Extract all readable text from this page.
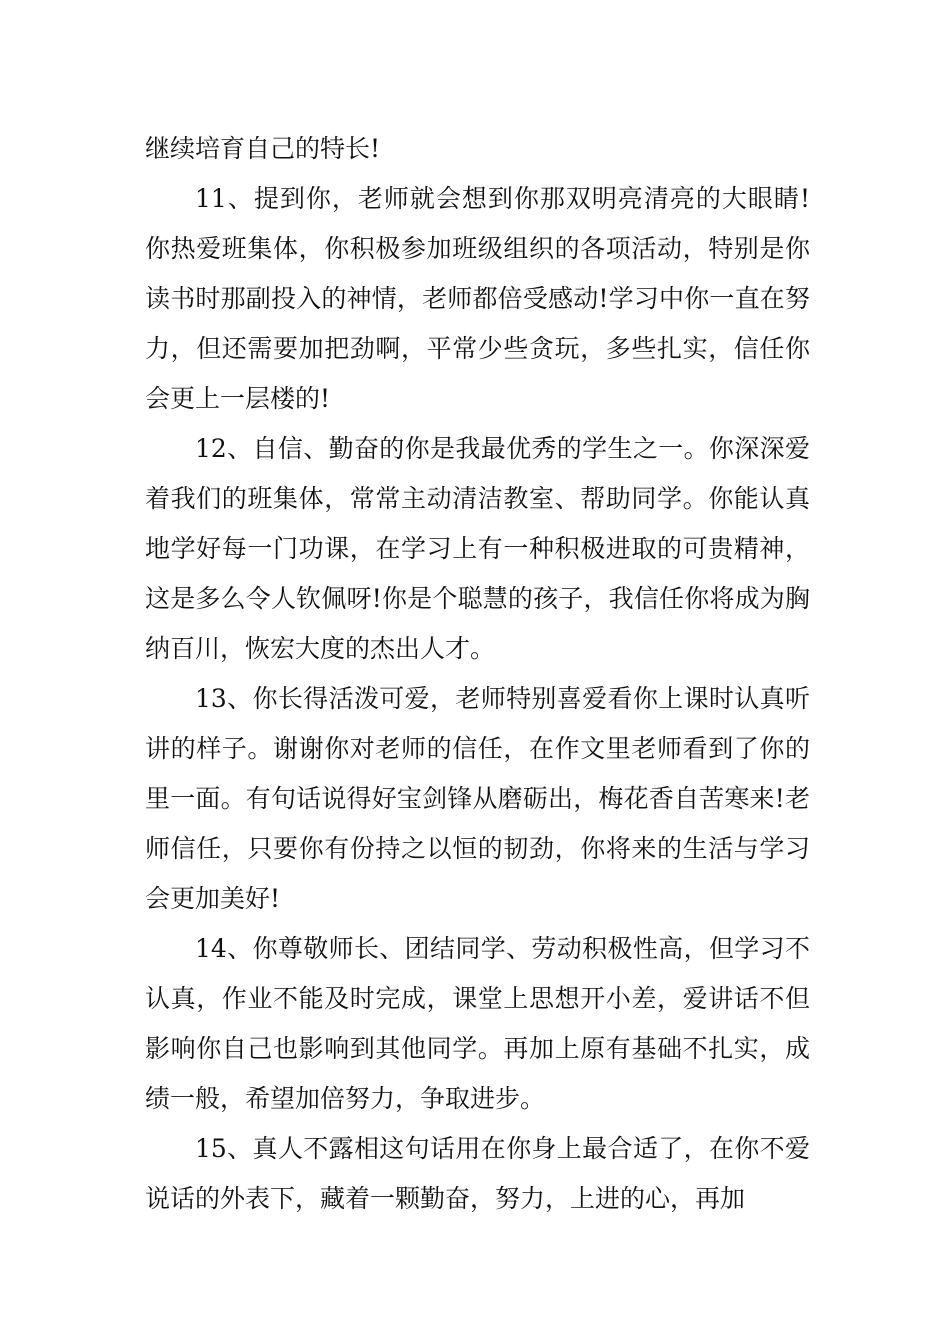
继续培育自己的特长!

11、提到你，老师就会想到你那双明亮清亮的大眼睛!你热爱班集体，你积极参加班级组织的各项活动，特别是你读书时那副投入的神情，老师都倍受感动!学习中你一直在努力，但还需要加把劲啊，平常少些贪玩，多些扎实，信任你会更上一层楼的!

12、自信、勤奋的你是我最优秀的学生之一。你深深爱着我们的班集体，常常主动清洁教室、帮助同学。你能认真地学好每一门功课，在学习上有一种积极进取的可贵精神，这是多么令人钦佩呀!你是个聪慧的孩子，我信任你将成为胸纳百川，恢宏大度的杰出人才。

13、你长得活泼可爱，老师特别喜爱看你上课时认真听讲的样子。谢谢你对老师的信任，在作文里老师看到了你的里一面。有句话说得好宝剑锋从磨砺出，梅花香自苦寒来!老师信任，只要你有份持之以恒的韧劲，你将来的生活与学习会更加美好!

14、你尊敬师长、团结同学、劳动积极性高，但学习不认真，作业不能及时完成，课堂上思想开小差，爱讲话不但影响你自己也影响到其他同学。再加上原有基础不扎实，成绩一般，希望加倍努力，争取进步。

15、真人不露相这句话用在你身上最合适了，在你不爱说话的外表下，藏着一颗勤奋，努力，上进的心，再加
